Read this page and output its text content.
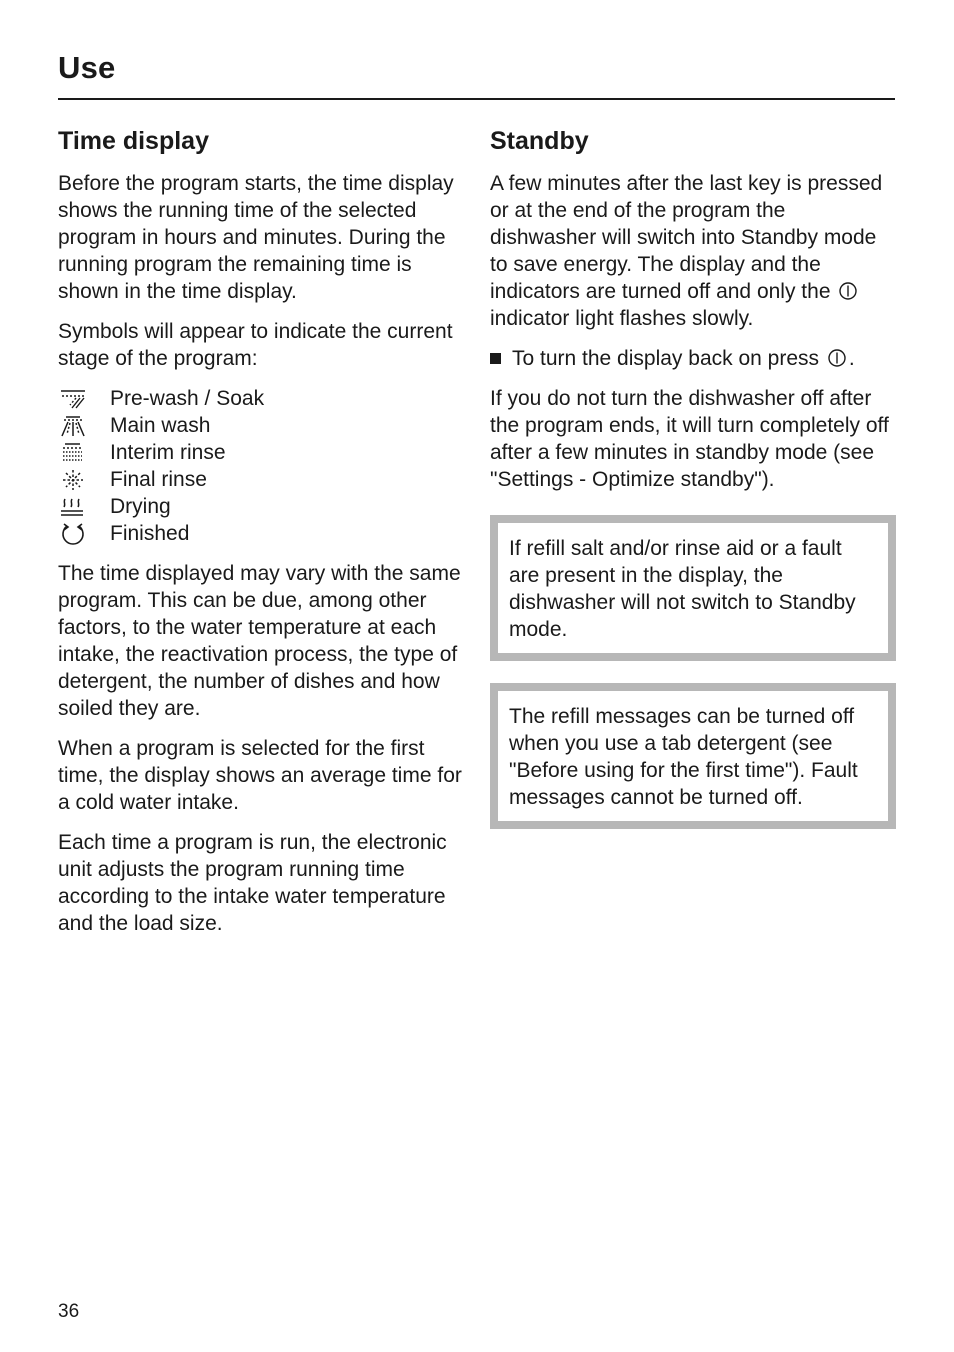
Use
Time display

Before the program starts, the time display shows the running time of the selected program in hours and minutes. During the running program the remaining time is shown in the time display.

Symbols will appear to indicate the current stage of the program:

Pre-wash / Soak
Main wash
Interim rinse
Final rinse
Drying
Finished

The time displayed may vary with the same program. This can be due, among other factors, to the water temperature at each intake, the reactivation process, the type of detergent, the number of dishes and how soiled they are.

When a program is selected for the first time, the display shows an average time for a cold water intake.

Each time a program is run, the electronic unit adjusts the program running time according to the intake water temperature and the load size.

Standby

A few minutes after the last key is pressed or at the end of the program the dishwasher will switch into Standby mode to save energy. The display and the indicators are turned off and only the  indicator light flashes slowly.

To turn the display back on press .

If you do not turn the dishwasher off after the program ends, it will turn completely off after a few minutes in standby mode (see "Settings - Optimize standby").

If refill salt and/or rinse aid or a fault are present in the display, the dishwasher will not switch to Standby mode.

The refill messages can be turned off when you use a tab detergent (see "Before using for the first time"). Fault messages cannot be turned off.

36
